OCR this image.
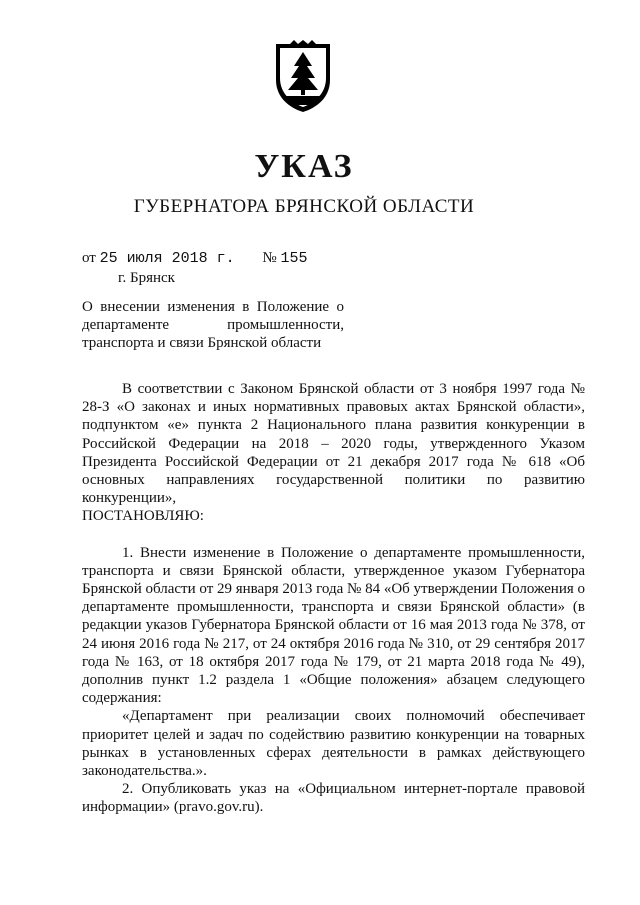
УКАЗ
ГУБЕРНАТОРА БРЯНСКОЙ ОБЛАСТИ
от 25 июля 2018 г. № 155
г. Брянск
О внесении изменения в Положение о департаменте промышленности, транспорта и связи Брянской области

В соответствии с Законом Брянской области от 3 ноября 1997 года № 28-З «О законах и иных нормативных правовых актах Брянской области», подпунктом «е» пункта 2 Национального плана развития конкуренции в Российской Федерации на 2018 – 2020 годы, утвержденного Указом Президента Российской Федерации от 21 декабря 2017 года № 618 «Об основных направлениях государственной политики по развитию конкуренции»,

ПОСТАНОВЛЯЮ:

1. Внести изменение в Положение о департаменте промышленности, транспорта и связи Брянской области, утвержденное указом Губернатора Брянской области от 29 января 2013 года № 84 «Об утверждении Положения о департаменте промышленности, транспорта и связи Брянской области» (в редакции указов Губернатора Брянской области от 16 мая 2013 года № 378, от 24 июня 2016 года № 217, от 24 октября 2016 года № 310, от 29 сентября 2017 года № 163, от 18 октября 2017 года № 179, от 21 марта 2018 года № 49), дополнив пункт 1.2 раздела 1 «Общие положения» абзацем следующего содержания:

«Департамент при реализации своих полномочий обеспечивает приоритет целей и задач по содействию развитию конкуренции на товарных рынках в установленных сферах деятельности в рамках действующего законодательства.».

2. Опубликовать указ на «Официальном интернет-портале правовой информации» (pravo.gov.ru).
